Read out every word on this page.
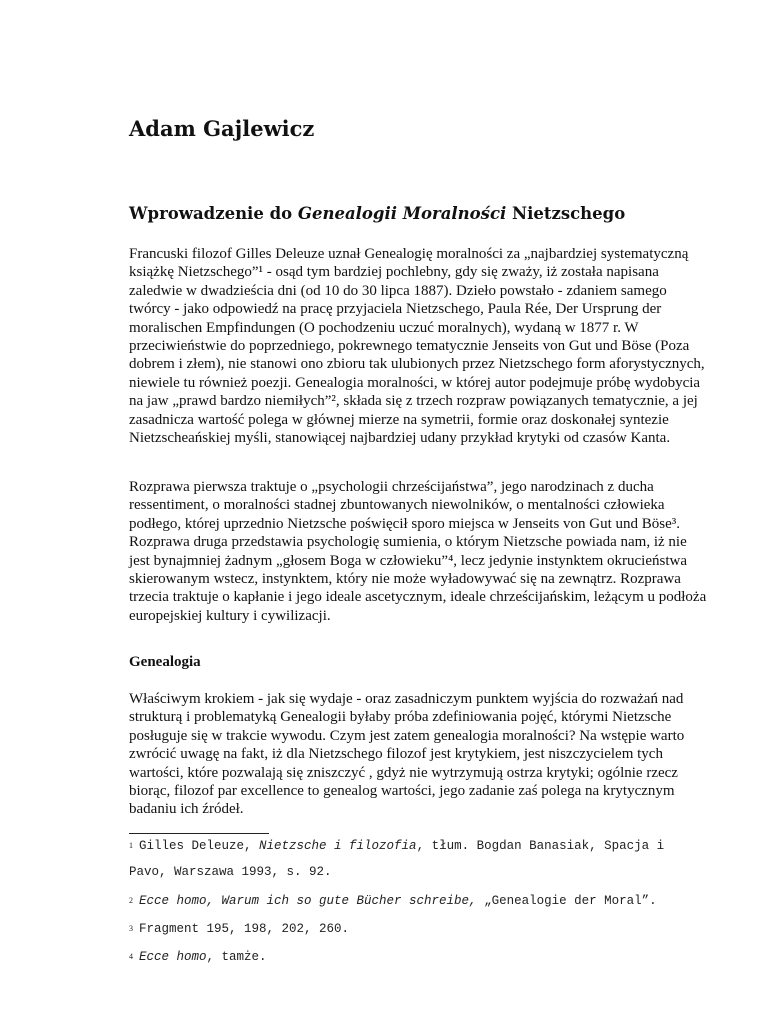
Adam Gajlewicz
Wprowadzenie do Genealogii Moralności Nietzschego

Francuski filozof Gilles Deleuze uznał Genealogię moralności za „najbardziej systematyczną książkę Nietzschego”¹ - osąd tym bardziej pochlebny, gdy się zważy, iż została napisana zaledwie w dwadzieścia dni (od 10 do 30 lipca 1887). Dzieło powstało - zdaniem samego twórcy - jako odpowiedź na pracę przyjaciela Nietzschego, Paula Rée, Der Ursprung der moralischen Empfindungen (O pochodzeniu uczuć moralnych), wydaną w 1877 r. W przeciwieństwie do poprzedniego, pokrewnego tematycznie Jenseits von Gut und Böse (Poza dobrem i złem), nie stanowi ono zbioru tak ulubionych przez Nietzschego form aforystycznych, niewiele tu również poezji. Genealogia moralności, w której autor podejmuje próbę wydobycia na jaw „prawd bardzo niemiłych”², składa się z trzech rozpraw powiązanych tematycznie, a jej zasadnicza wartość polega w głównej mierze na symetrii, formie oraz doskonałej syntezie Nietzscheańskiej myśli, stanowiącej najbardziej udany przykład krytyki od czasów Kanta.

Rozprawa pierwsza traktuje o „psychologii chrześcijaństwa”, jego narodzinach z ducha ressentiment, o moralności stadnej zbuntowanych niewolników, o mentalności człowieka podłego, której uprzednio Nietzsche poświęcił sporo miejsca w Jenseits von Gut und Böse³. Rozprawa druga przedstawia psychologię sumienia, o którym Nietzsche powiada nam, iż nie jest bynajmniej żadnym „głosem Boga w człowieku”⁴, lecz jedynie instynktem okrucieństwa skierowanym wstecz, instynktem, który nie może wyładowywać się na zewnątrz. Rozprawa trzecia traktuje o kapłanie i jego ideale ascetycznym, ideale chrześcijańskim, leżącym u podłoża europejskiej kultury i cywilizacji.

Genealogia

Właściwym krokiem - jak się wydaje - oraz zasadniczym punktem wyjścia do rozważań nad strukturą i problematyką Genealogii byłaby próba zdefiniowania pojęć, którymi Nietzsche posługuje się w trakcie wywodu. Czym jest zatem genealogia moralności? Na wstępie warto zwrócić uwagę na fakt, iż dla Nietzschego filozof jest krytykiem, jest niszczycielem tych wartości, które pozwalają się zniszczyć , gdyż nie wytrzymują ostrza krytyki; ogólnie rzecz biorąc, filozof par excellence to genealog wartości, jego zadanie zaś polega na krytycznym badaniu ich źródeł.

$^1$ Gilles Deleuze, Nietzsche i filozofia, tłum. Bogdan Banasiak, Spacja i Pavo, Warszawa 1993, s. 92.

$^2$ Ecce homo, Warum ich so gute Bücher schreibe, „Genealogie der Moral”.

$^3$ Fragment 195, 198, 202, 260.

$^4$ Ecce homo, tamże.
